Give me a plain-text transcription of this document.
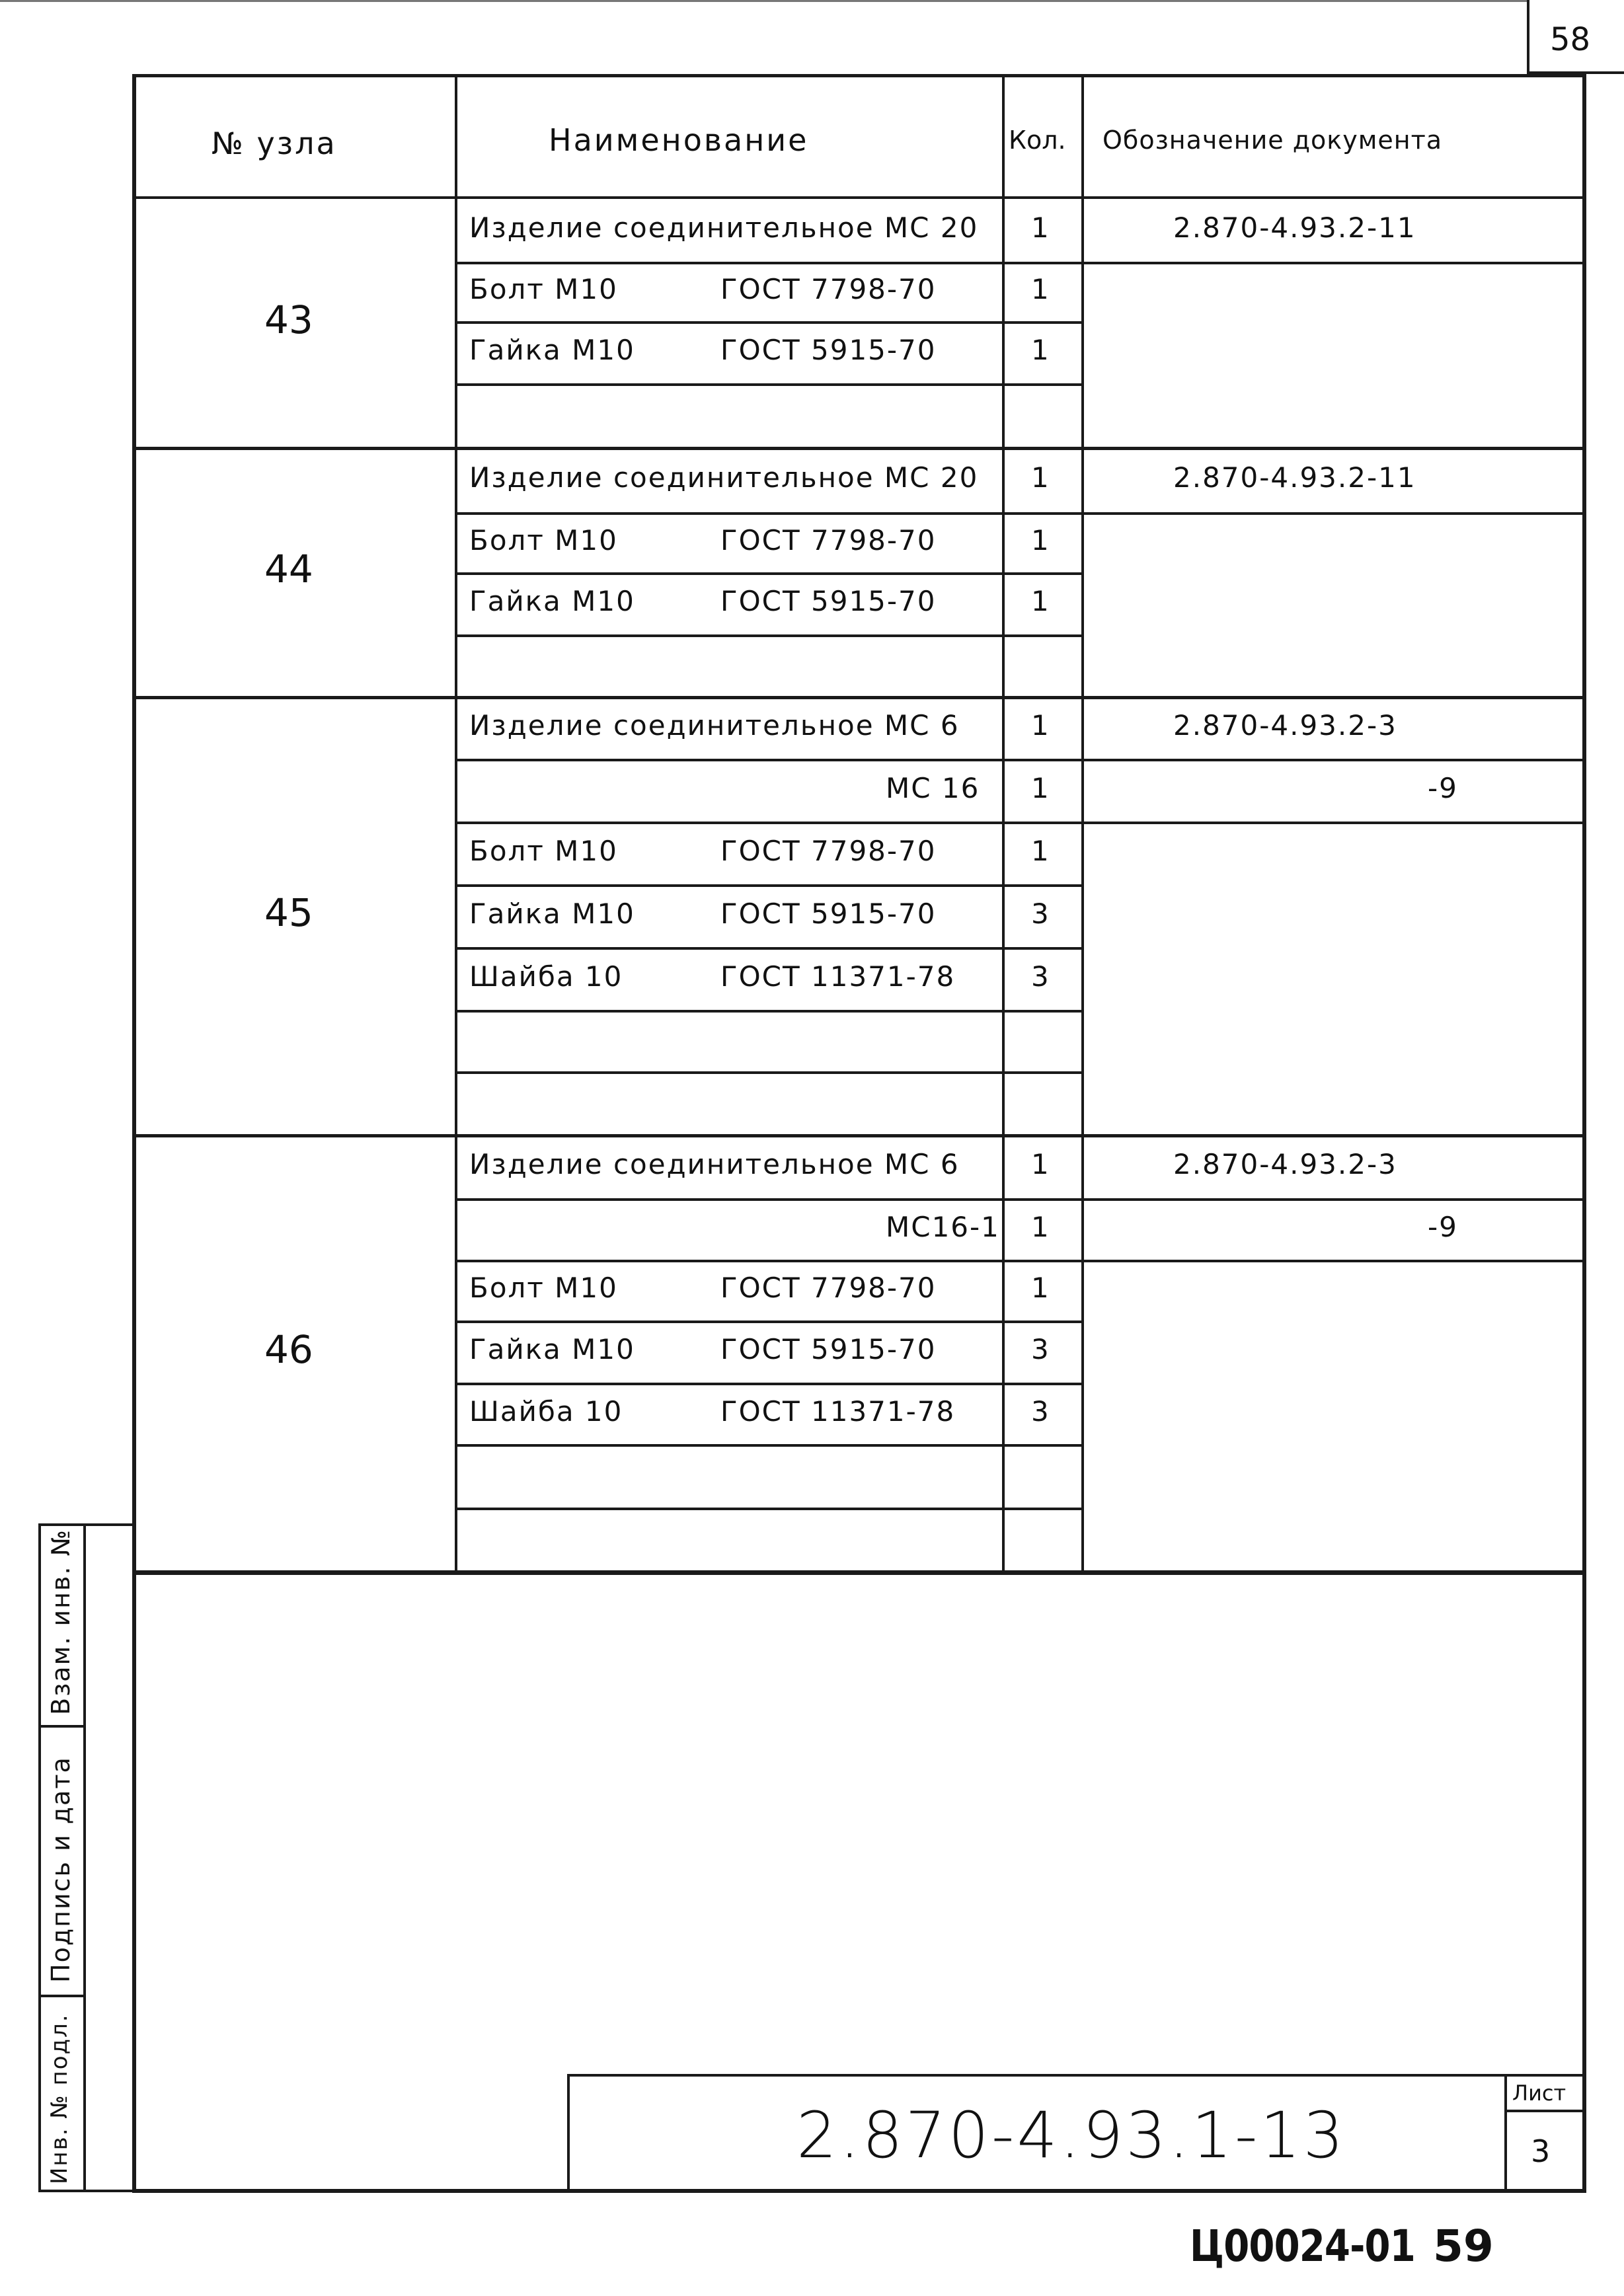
58
№ узла	Наименование	Кол. Обозначение документа
43
Изделие соединительное МС 20 1	2.870-4.93.2-11
Болт М10	ГОСТ 7798-70	1
Гайка М10	ГОСТ 5915-70	1
44
Изделие соединительное МС 20 1	2.870-4.93.2-11
Болт М10	ГОСТ 7798-70	1
Гайка М10	ГОСТ 5915-70	1
45
Изделие соединительное МС 6	1	2.870-4.93.2-3
МС 16 1	-9
Болт М10	ГОСТ 7798-70	1
Гайка М10	ГОСТ 5915-70	3
Шайба 10	ГОСТ 11371-78	3
46
Изделие соединительное МС 6	1	2.870-4.93.2-3
МС16-1 1	-9
Болт М10	ГОСТ 7798-70	1
Гайка М10	ГОСТ 5915-70	3
Шайба 10	ГОСТ 11371-78	3
Взам. инв. №
Подпись и дата
Инв. № подл.	2.870-4.93.1-13
Лист
3
Ц00024-01 59
